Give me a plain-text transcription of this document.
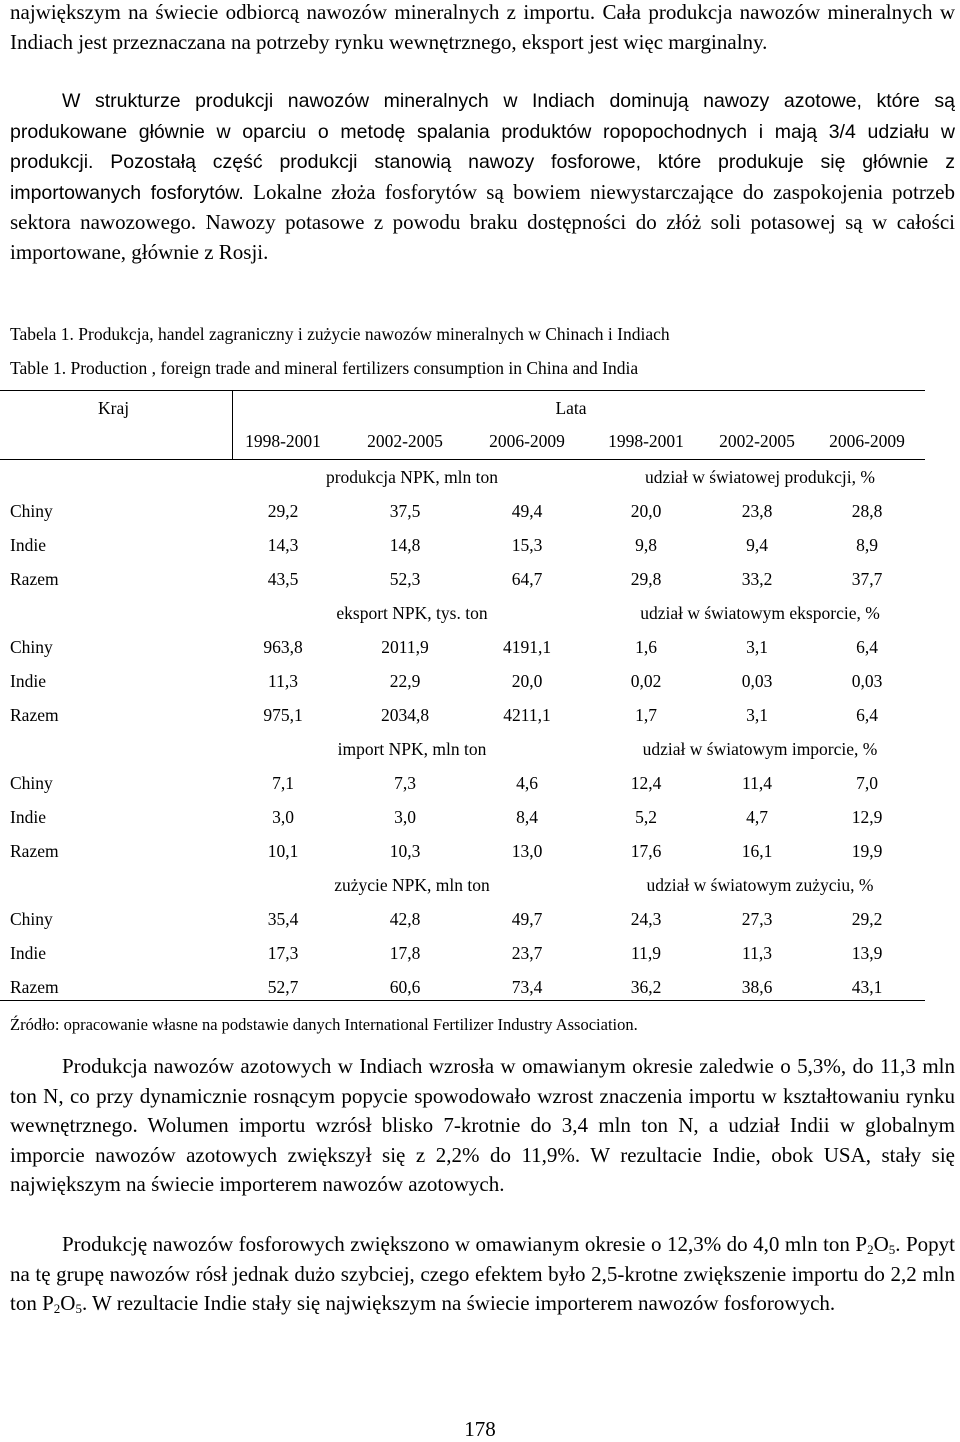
największym na świecie odbiorcą nawozów mineralnych z importu. Cała produkcja nawozów mineralnych w Indiach jest przeznaczana na potrzeby rynku wewnętrznego, eksport jest więc marginalny.

W strukturze produkcji nawozów mineralnych w Indiach dominują nawozy azotowe, które są produkowane głównie w oparciu o metodę spalania produktów ropopochodnych i mają 3/4 udziału w produkcji. Pozostałą część produkcji stanowią nawozy fosforowe, które produkuje się głównie z importowanych fosforytów. Lokalne złoża fosforytów są bowiem niewystarczające do zaspokojenia potrzeb sektora nawozowego. Nawozy potasowe z powodu braku dostępności do złóż soli potasowej są w całości importowane, głównie z Rosji.

Tabela 1. Produkcja, handel zagraniczny i zużycie nawozów mineralnych w Chinach i Indiach

Table 1. Production , foreign trade and mineral fertilizers consumption in China and India

Kraj	Lata
1998-2001	2002-2005	2006-2009 1998-2001 2002-2005 2006-2009
produkcja NPK, mln ton	udział w światowej produkcji, %
Chiny	29,2	37,5	49,4	20,0	23,8	28,8
Indie	14,3	14,8	15,3	9,8	9,4	8,9
Razem	43,5	52,3	64,7	29,8	33,2	37,7
eksport NPK, tys. ton	udział w światowym eksporcie, %
Chiny	963,8	2011,9	4191,1	1,6	3,1	6,4
Indie	11,3	22,9	20,0	0,02	0,03	0,03
Razem	975,1	2034,8	4211,1	1,7	3,1	6,4
import NPK, mln ton	udział w światowym imporcie, %
Chiny	7,1	7,3	4,6	12,4	11,4	7,0
Indie	3,0	3,0	8,4	5,2	4,7	12,9
Razem	10,1	10,3	13,0	17,6	16,1	19,9
zużycie NPK, mln ton	udział w światowym zużyciu, %
Chiny	35,4	42,8	49,7	24,3	27,3	29,2
Indie	17,3	17,8	23,7	11,9	11,3	13,9
Razem	52,7	60,6	73,4	36,2	38,6	43,1
Źródło: opracowanie własne na podstawie danych International Fertilizer Industry Association.

Produkcja nawozów azotowych w Indiach wzrosła w omawianym okresie zaledwie o 5,3%, do 11,3 mln ton N, co przy dynamicznie rosnącym popycie spowodowało wzrost znaczenia importu w kształtowaniu rynku wewnętrznego. Wolumen importu wzrósł blisko 7-krotnie do 3,4 mln ton N, a udział Indii w globalnym imporcie nawozów azotowych zwiększył się z 2,2% do 11,9%. W rezultacie Indie, obok USA, stały się największym na świecie importerem nawozów azotowych.

Produkcję nawozów fosforowych zwiększono w omawianym okresie o 12,3% do 4,0 mln ton $P_2O_5$. Popyt na tę grupę nawozów rósł jednak dużo szybciej, czego efektem było 2,5-krotne zwiększenie importu do 2,2 mln ton $P_2O_5$. W rezultacie Indie stały się największym na świecie importerem nawozów fosforowych.

178
